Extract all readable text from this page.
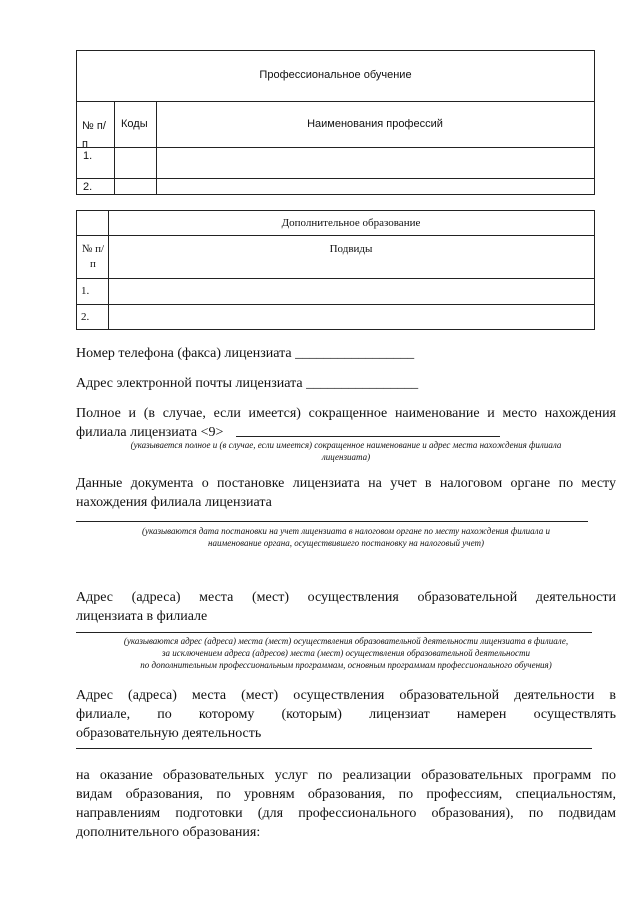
Профессиональное обучение
№ п/п
Коды	Наименования профессий
1.
2.
Дополнительное образование
№ п/п
Подвиды
1.
2.
Номер телефона (факса) лицензиата _________________
Адрес электронной почты лицензиата ________________
Полное и (в случае, если имеется) сокращенное наименование и место нахождения
филиала лицензиата <9>
(указывается полное и (в случае, если имеется) сокращенное наименование и адрес места нахождения филиала
лицензиата)
Данные документа о постановке лицензиата на учет в налоговом органе по месту
нахождения филиала лицензиата
(указываются дата постановки на учет лицензиата в налоговом органе по месту нахождения филиала и
наименование органа, осуществившего постановку на налоговый учет)
Адрес (адреса) места (мест) осуществления образовательной деятельности
лицензиата в филиале
(указываются адрес (адреса) места (мест) осуществления образовательной деятельности лицензиата в филиале,
за исключением адреса (адресов) места (мест) осуществления образовательной деятельности
по дополнительным профессиональным программам, основным программам профессионального обучения)
Адрес (адреса) места (мест) осуществления образовательной деятельности в
филиале, по которому (которым) лицензиат намерен осуществлять
образовательную деятельность
на оказание образовательных услуг по реализации образовательных программ по
видам образования, по уровням образования, по профессиям, специальностям,
направлениям подготовки (для профессионального образования), по подвидам
дополнительного образования:
